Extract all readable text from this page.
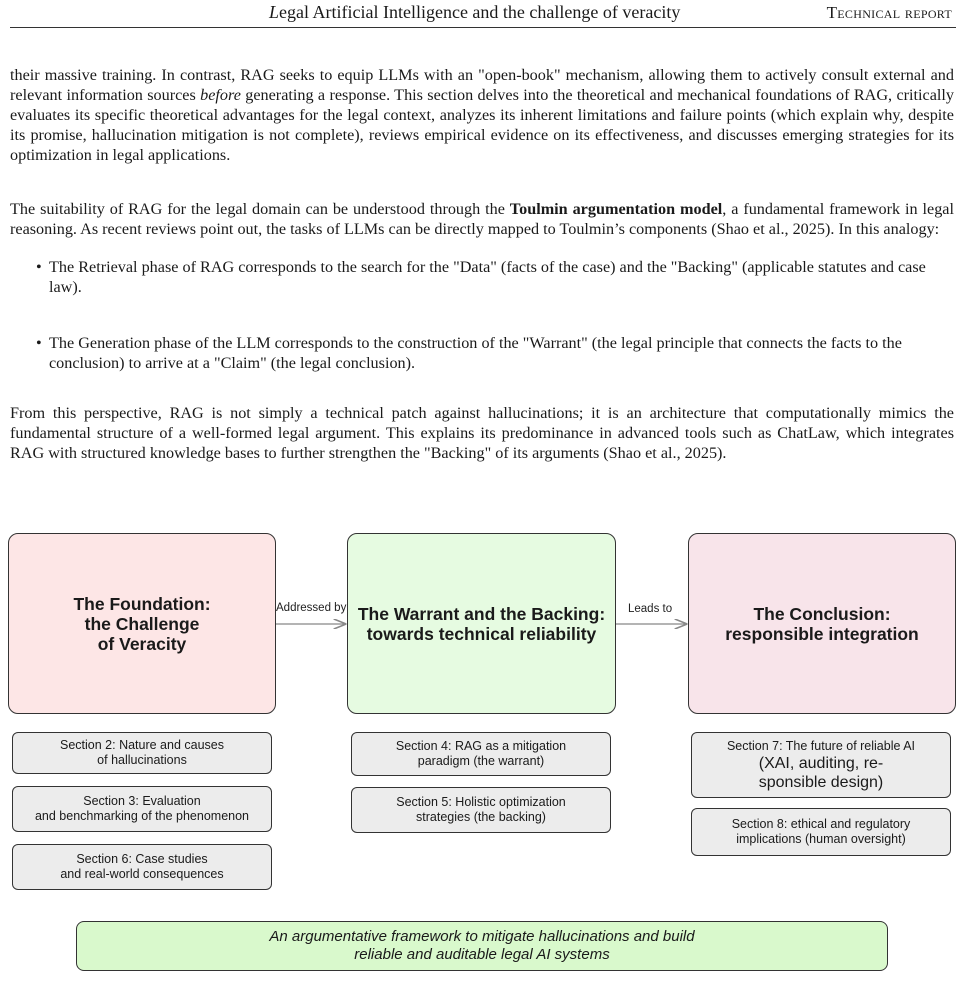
Legal Artificial Intelligence and the challenge of veracity	Technical report

their massive training. In contrast, RAG seeks to equip LLMs with an "open-book" mechanism, allowing them to actively consult external and relevant information sources before generating a response. This section delves into the theoretical and mechanical foundations of RAG, critically evaluates its specific theoretical advantages for the legal context, analyzes its inherent limitations and failure points (which explain why, despite its promise, hallucination mitigation is not complete), reviews empirical evidence on its effectiveness, and discusses emerging strategies for its optimization in legal applications.

The suitability of RAG for the legal domain can be understood through the Toulmin argumentation model, a fundamental framework in legal reasoning. As recent reviews point out, the tasks of LLMs can be directly mapped to Toulmin’s components (Shao et al., 2025). In this analogy:

• The Retrieval phase of RAG corresponds to the search for the "Data" (facts of the case) and the "Backing" (applicable statutes and case law).
• The Generation phase of the LLM corresponds to the construction of the "Warrant" (the legal principle that connects the facts to the conclusion) to arrive at a "Claim" (the legal conclusion).

From this perspective, RAG is not simply a technical patch against hallucinations; it is an architecture that computationally mimics the fundamental structure of a well-formed legal argument. This explains its predominance in advanced tools such as ChatLaw, which integrates RAG with structured knowledge bases to further strengthen the "Backing" of its arguments (Shao et al., 2025).

The Foundation:
the Challenge
of Veracity
The Warrant and the Backing:
towards technical reliability
The Conclusion:
responsible integration
Addressed by	Leads to
Section 2: Nature and causes
of hallucinations
Section 3: Evaluation
and benchmarking of the phenomenon
Section 6: Case studies
and real-world consequences
Section 4: RAG as a mitigation
paradigm (the warrant)
Section 5: Holistic optimization
strategies (the backing)
Section 7: The future of reliable AI
(XAI, auditing, re-
sponsible design)
Section 8: ethical and regulatory
implications (human oversight)
An argumentative framework to mitigate hallucinations and build
reliable and auditable legal AI systems
